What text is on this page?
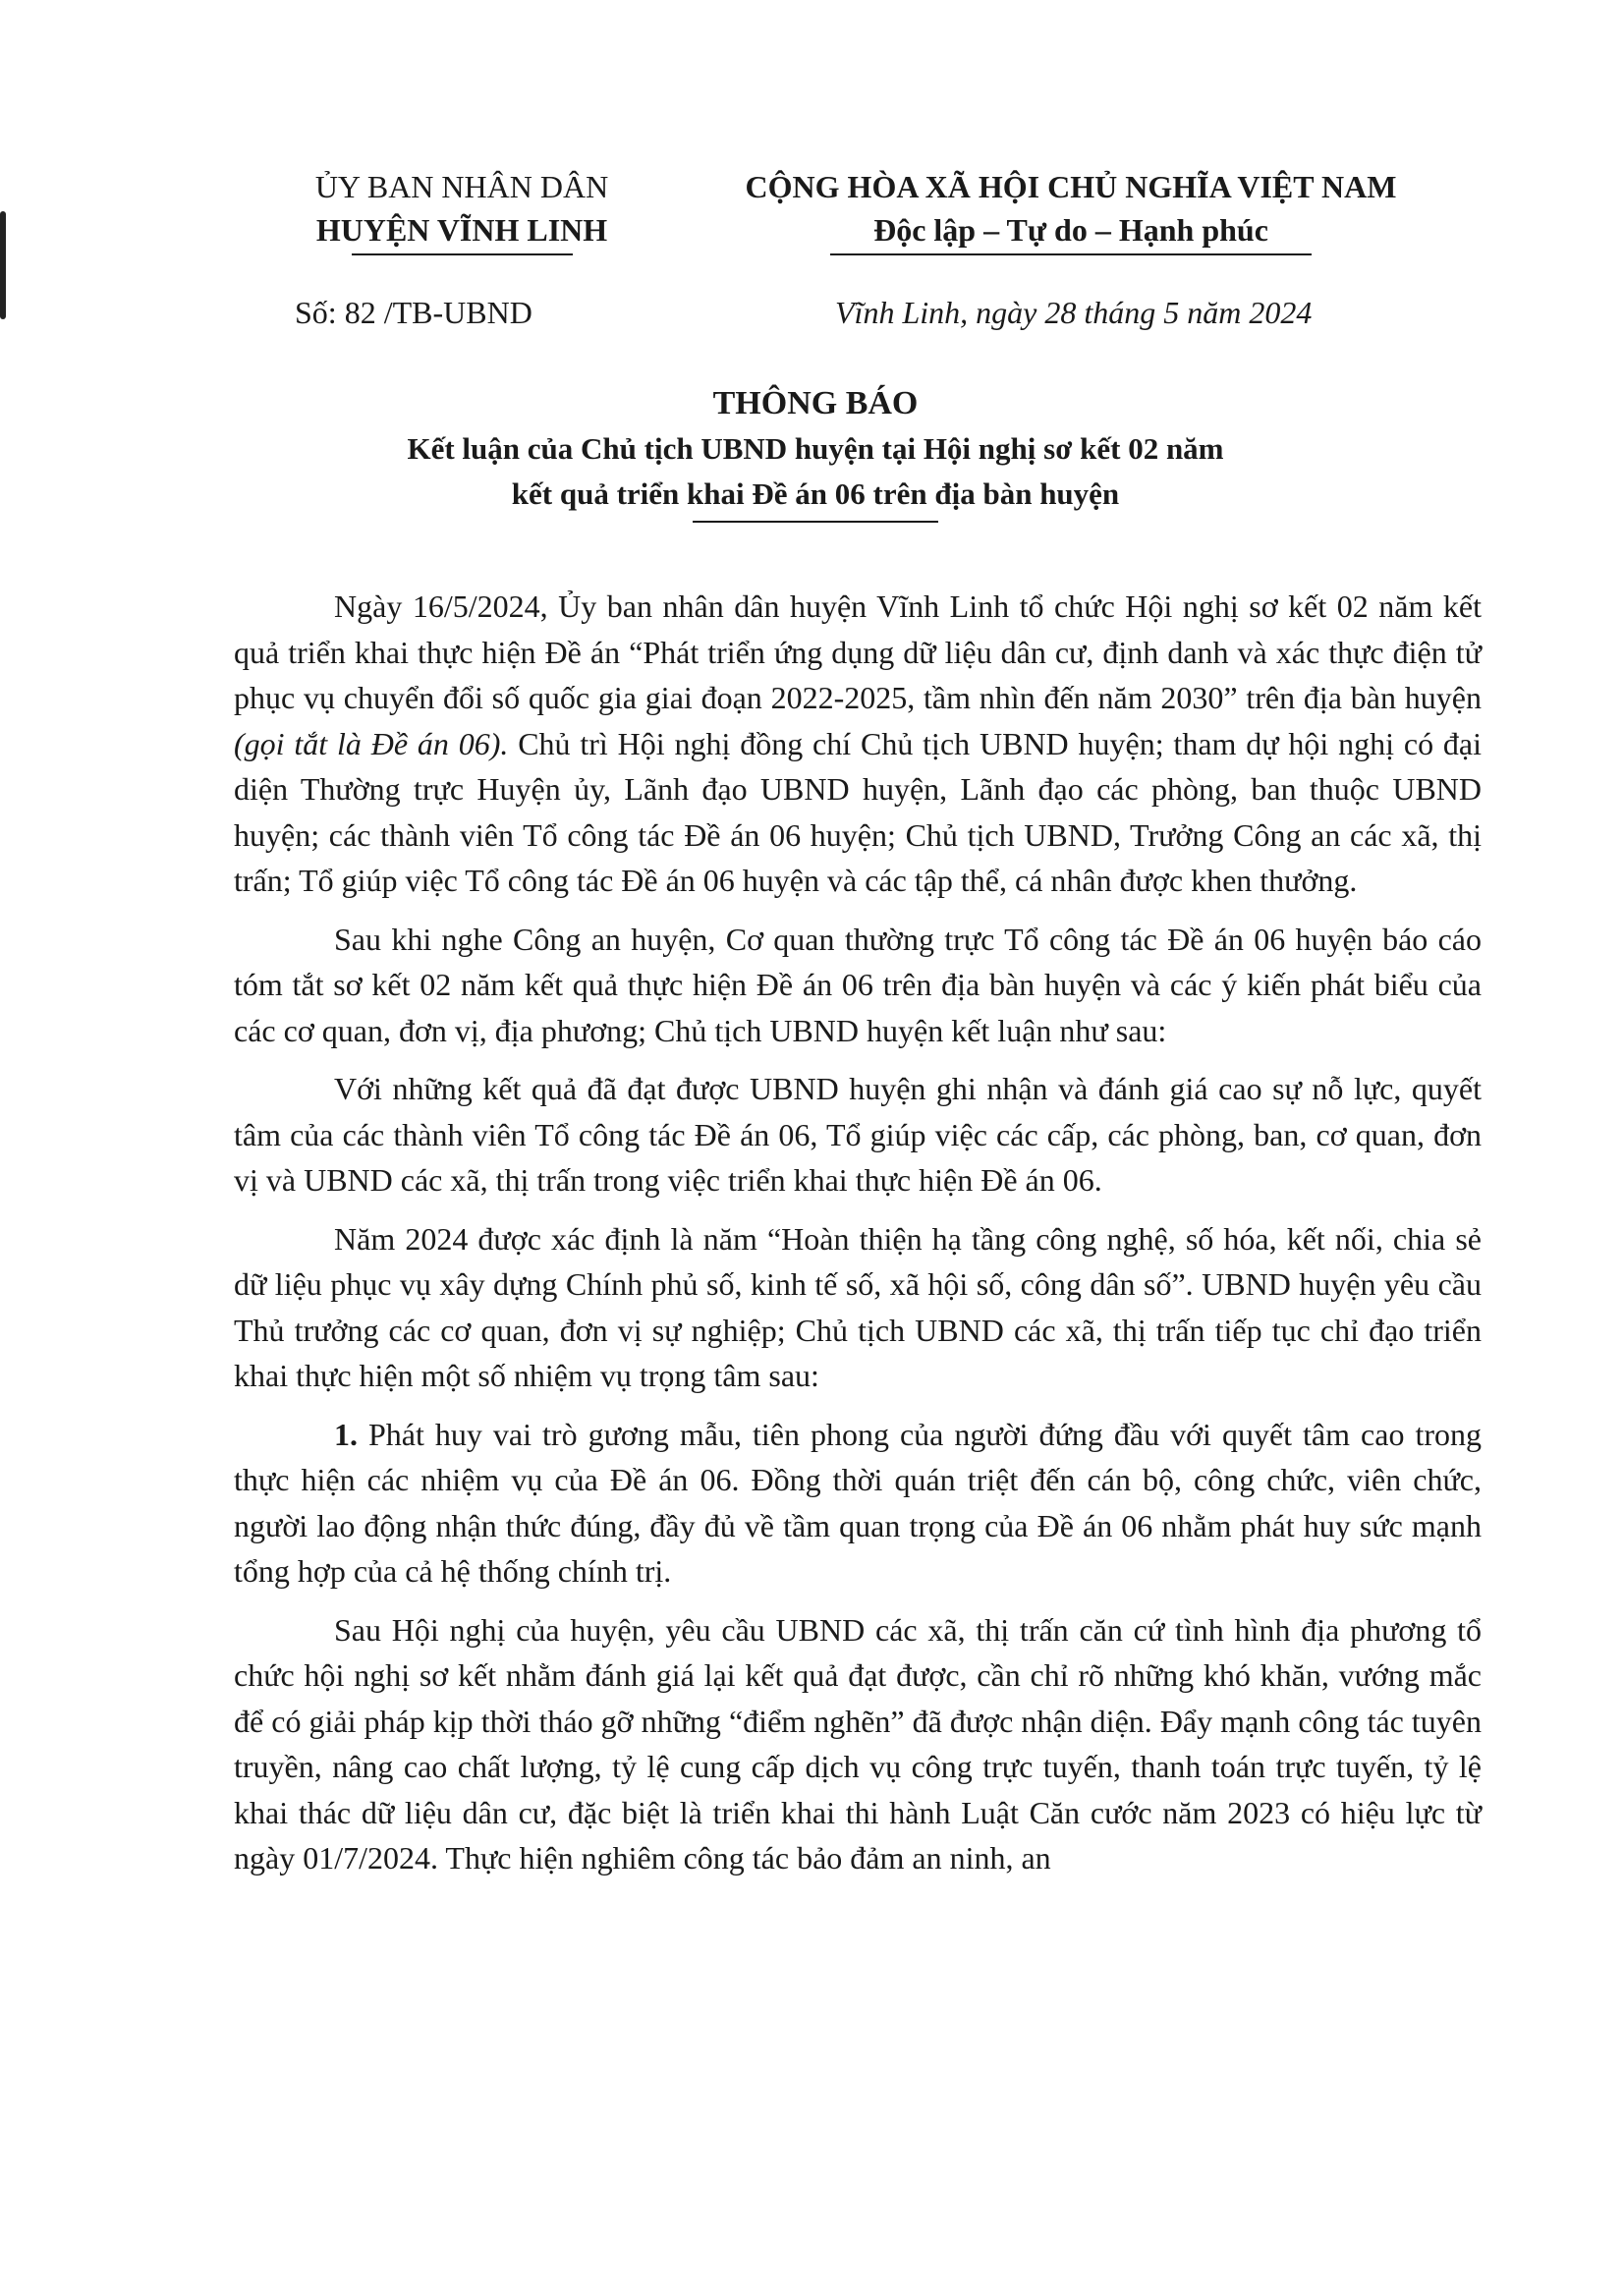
ỦY BAN NHÂN DÂN
HUYỆN VĨNH LINH
CỘNG HÒA XÃ HỘI CHỦ NGHĨA VIỆT NAM
Độc lập – Tự do – Hạnh phúc
Số: 82 /TB-UBND	Vĩnh Linh, ngày 28 tháng 5 năm 2024
THÔNG BÁO
Kết luận của Chủ tịch UBND huyện tại Hội nghị sơ kết 02 năm
kết quả triển khai Đề án 06 trên địa bàn huyện

Ngày 16/5/2024, Ủy ban nhân dân huyện Vĩnh Linh tổ chức Hội nghị sơ kết 02 năm kết quả triển khai thực hiện Đề án “Phát triển ứng dụng dữ liệu dân cư, định danh và xác thực điện tử phục vụ chuyển đổi số quốc gia giai đoạn 2022-2025, tầm nhìn đến năm 2030” trên địa bàn huyện (gọi tắt là Đề án 06). Chủ trì Hội nghị đồng chí Chủ tịch UBND huyện; tham dự hội nghị có đại diện Thường trực Huyện ủy, Lãnh đạo UBND huyện, Lãnh đạo các phòng, ban thuộc UBND huyện; các thành viên Tổ công tác Đề án 06 huyện; Chủ tịch UBND, Trưởng Công an các xã, thị trấn; Tổ giúp việc Tổ công tác Đề án 06 huyện và các tập thể, cá nhân được khen thưởng.

Sau khi nghe Công an huyện, Cơ quan thường trực Tổ công tác Đề án 06 huyện báo cáo tóm tắt sơ kết 02 năm kết quả thực hiện Đề án 06 trên địa bàn huyện và các ý kiến phát biểu của các cơ quan, đơn vị, địa phương; Chủ tịch UBND huyện kết luận như sau:

Với những kết quả đã đạt được UBND huyện ghi nhận và đánh giá cao sự nỗ lực, quyết tâm của các thành viên Tổ công tác Đề án 06, Tổ giúp việc các cấp, các phòng, ban, cơ quan, đơn vị và UBND các xã, thị trấn trong việc triển khai thực hiện Đề án 06.

Năm 2024 được xác định là năm “Hoàn thiện hạ tầng công nghệ, số hóa, kết nối, chia sẻ dữ liệu phục vụ xây dựng Chính phủ số, kinh tế số, xã hội số, công dân số”. UBND huyện yêu cầu Thủ trưởng các cơ quan, đơn vị sự nghiệp; Chủ tịch UBND các xã, thị trấn tiếp tục chỉ đạo triển khai thực hiện một số nhiệm vụ trọng tâm sau:

1. Phát huy vai trò gương mẫu, tiên phong của người đứng đầu với quyết tâm cao trong thực hiện các nhiệm vụ của Đề án 06. Đồng thời quán triệt đến cán bộ, công chức, viên chức, người lao động nhận thức đúng, đầy đủ về tầm quan trọng của Đề án 06 nhằm phát huy sức mạnh tổng hợp của cả hệ thống chính trị.

Sau Hội nghị của huyện, yêu cầu UBND các xã, thị trấn căn cứ tình hình địa phương tổ chức hội nghị sơ kết nhằm đánh giá lại kết quả đạt được, cần chỉ rõ những khó khăn, vướng mắc để có giải pháp kịp thời tháo gỡ những “điểm nghẽn” đã được nhận diện. Đẩy mạnh công tác tuyên truyền, nâng cao chất lượng, tỷ lệ cung cấp dịch vụ công trực tuyến, thanh toán trực tuyến, tỷ lệ khai thác dữ liệu dân cư, đặc biệt là triển khai thi hành Luật Căn cước năm 2023 có hiệu lực từ ngày 01/7/2024. Thực hiện nghiêm công tác bảo đảm an ninh, an
